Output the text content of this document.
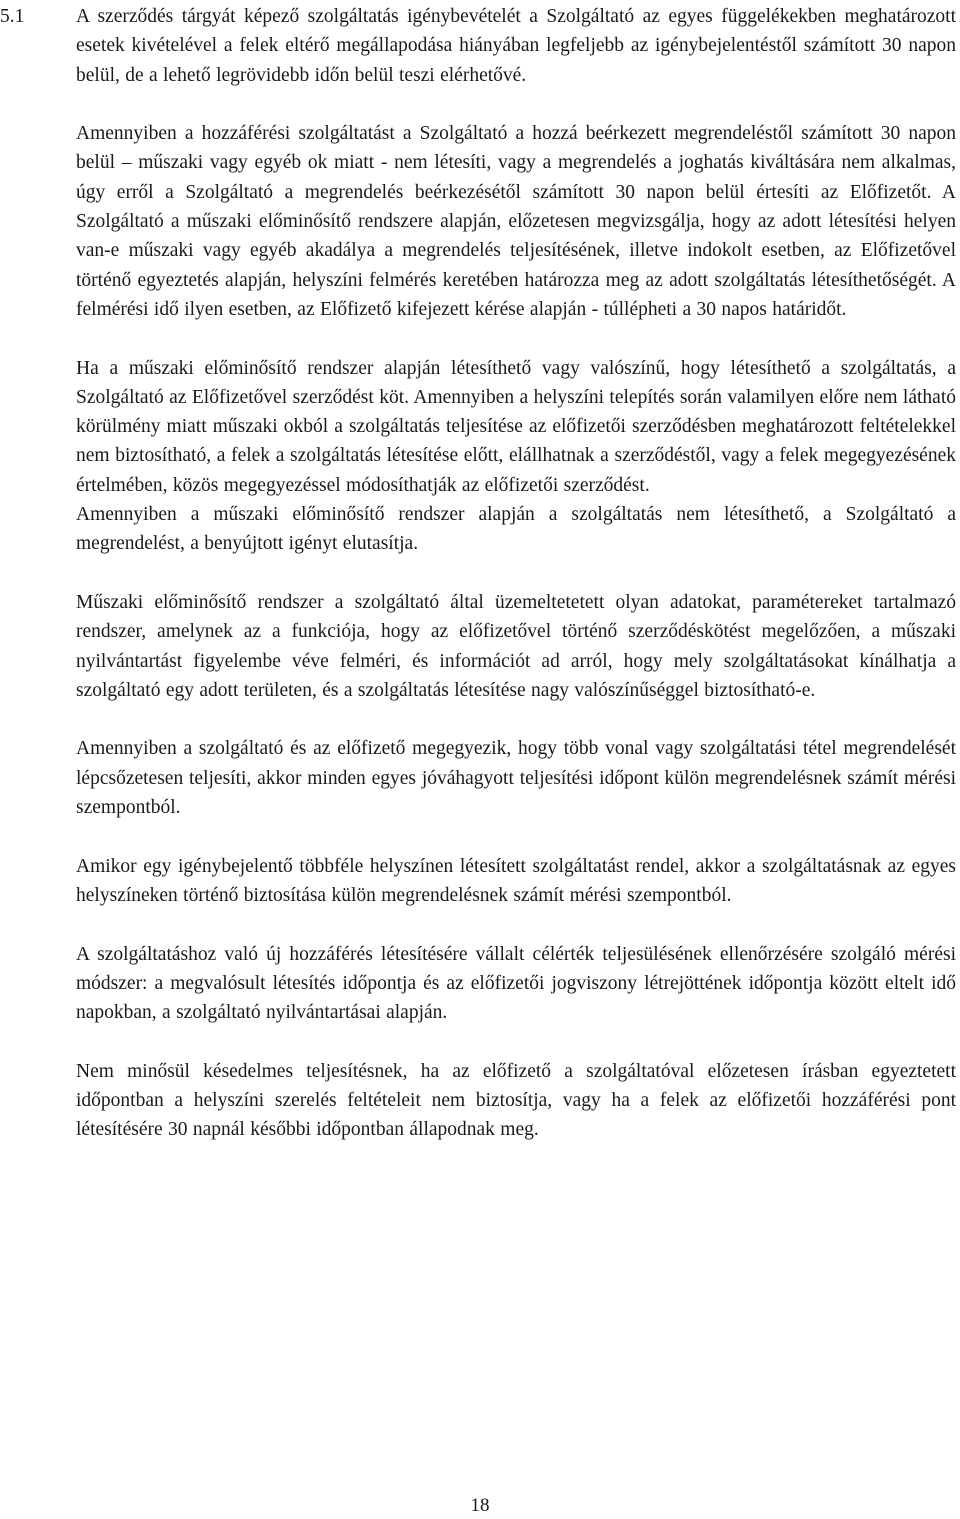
5.1	A szerződés tárgyát képező szolgáltatás igénybevételét a Szolgáltató az egyes függelékekben meghatározott esetek kivételével a felek eltérő megállapodása hiányában legfeljebb az igénybejelentéstől számított 30 napon belül, de a lehető legrövidebb időn belül teszi elérhetővé.

Amennyiben a hozzáférési szolgáltatást a Szolgáltató a hozzá beérkezett megrendeléstől számított 30 napon belül – műszaki vagy egyéb ok miatt - nem létesíti, vagy a megrendelés a joghatás kiváltására nem alkalmas, úgy erről a Szolgáltató a megrendelés beérkezésétől számított 30 napon belül értesíti az Előfizetőt. A Szolgáltató a műszaki előminősítő rendszere alapján, előzetesen megvizsgálja, hogy az adott létesítési helyen van-e műszaki vagy egyéb akadálya a megrendelés teljesítésének, illetve indokolt esetben, az Előfizetővel történő egyeztetés alapján, helyszíni felmérés keretében határozza meg az adott szolgáltatás létesíthetőségét. A felmérési idő ilyen esetben, az Előfizető kifejezett kérése alapján - túllépheti a 30 napos határidőt.

Ha a műszaki előminősítő rendszer alapján létesíthető vagy valószínű, hogy létesíthető a szolgáltatás, a Szolgáltató az Előfizetővel szerződést köt. Amennyiben a helyszíni telepítés során valamilyen előre nem látható körülmény miatt műszaki okból a szolgáltatás teljesítése az előfizetői szerződésben meghatározott feltételekkel nem biztosítható, a felek a szolgáltatás létesítése előtt, elállhatnak a szerződéstől, vagy a felek megegyezésének értelmében, közös megegyezéssel módosíthatják az előfizetői szerződést.

Amennyiben a műszaki előminősítő rendszer alapján a szolgáltatás nem létesíthető, a Szolgáltató a megrendelést, a benyújtott igényt elutasítja.

Műszaki előminősítő rendszer a szolgáltató által üzemeltetetett olyan adatokat, paramétereket tartalmazó rendszer, amelynek az a funkciója, hogy az előfizetővel történő szerződéskötést megelőzően, a műszaki nyilvántartást figyelembe véve felméri, és információt ad arról, hogy mely szolgáltatásokat kínálhatja a szolgáltató egy adott területen, és a szolgáltatás létesítése nagy valószínűséggel biztosítható-e.

Amennyiben a szolgáltató és az előfizető megegyezik, hogy több vonal vagy szolgáltatási tétel megrendelését lépcsőzetesen teljesíti, akkor minden egyes jóváhagyott teljesítési időpont külön megrendelésnek számít mérési szempontból.

Amikor egy igénybejelentő többféle helyszínen létesített szolgáltatást rendel, akkor a szolgáltatásnak az egyes helyszíneken történő biztosítása külön megrendelésnek számít mérési szempontból.

A szolgáltatáshoz való új hozzáférés létesítésére vállalt célérték teljesülésének ellenőrzésére szolgáló mérési módszer: a megvalósult létesítés időpontja és az előfizetői jogviszony létrejöttének időpontja között eltelt idő napokban, a szolgáltató nyilvántartásai alapján.

Nem minősül késedelmes teljesítésnek, ha az előfizető a szolgáltatóval előzetesen írásban egyeztetett időpontban a helyszíni szerelés feltételeit nem biztosítja, vagy ha a felek az előfizetői hozzáférési pont létesítésére 30 napnál későbbi időpontban állapodnak meg.

18
